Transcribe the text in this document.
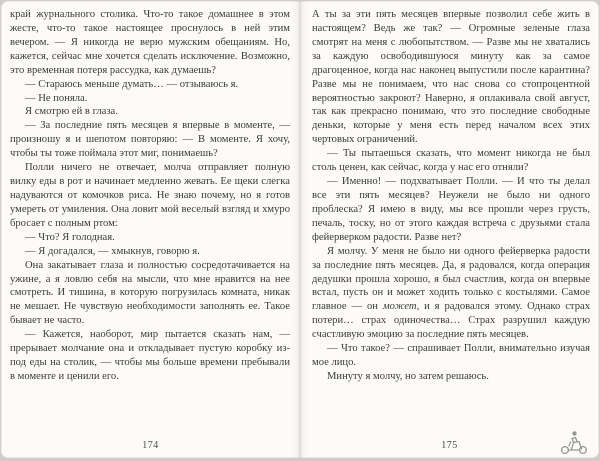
край журнального столика. Что-то такое домашнее в этом жесте, что-то такое настоящее проснулось в ней этим вечером. — Я никогда не верю мужским обещаниям. Но, кажется, сейчас мне хочется сделать исключение. Возможно, это временная потеря рассудка, как думаешь?

— Стараюсь меньше думать… — отзываюсь я.

— Не поняла.

Я смотрю ей в глаза.

— За последние пять месяцев я впервые в моменте, — произношу я и шепотом повторяю: — В моменте. Я хочу, чтобы ты тоже поймала этот миг, понимаешь?

Полли ничего не отвечает, молча отправляет полную вилку еды в рот и начинает медленно жевать. Ее щеки слегка надуваются от комочков риса. Не знаю почему, но я готов умереть от умиления. Она ловит мой веселый взгляд и хмуро бросает с полным ртом:

— Что? Я голодная.

— Я догадался, — хмыкнув, говорю я.

Она закатывает глаза и полностью сосредотачивается на ужине, а я ловлю себя на мысли, что мне нравится на нее смотреть. И тишина, в которую погрузилась комната, никак не мешает. Не чувствую необходимости заполнять ее. Такое бывает не часто.

— Кажется, наоборот, мир пытается сказать нам, — прерывает молчание она и откладывает пустую коробку из-под еды на столик, — чтобы мы больше времени пребывали в моменте и ценили его.

174

А ты за эти пять месяцев впервые позволил себе жить в настоящем? Ведь же так? — Огромные зеленые глаза смотрят на меня с любопытством. — Разве мы не хватались за каждую освободившуюся минуту как за самое драгоценное, когда нас наконец выпустили после карантина? Разве мы не понимаем, что нас снова со стопроцентной вероятностью закроют? Наверно, я оплакивала свой август, так как прекрасно понимаю, что это последние свободные деньки, которые у меня есть перед началом всех этих чертовых ограничений.

— Ты пытаешься сказать, что момент никогда не был столь ценен, как сейчас, когда у нас его отняли?

— Именно! — подхватывает Полли. — И что ты делал все эти пять месяцев? Неужели не было ни одного проблеска? Я имею в виду, мы все прошли через грусть, печаль, тоску, но от этого каждая встреча с друзьями стала фейерверком радости. Разве нет?

Я молчу. У меня не было ни одного фейерверка радости за последние пять месяцев. Да, я радовался, когда операция дедушки прошла хорошо, я был счастлив, когда он впервые встал, пусть он и может ходить только с костылями. Самое главное — он может, и я радовался этому. Однако страх потери… страх одиночества… Страх разрушил каждую счастливую эмоцию за последние пять месяцев.

— Что такое? — спрашивает Полли, внимательно изучая мое лицо.

Минуту я молчу, но затем решаюсь.

175
